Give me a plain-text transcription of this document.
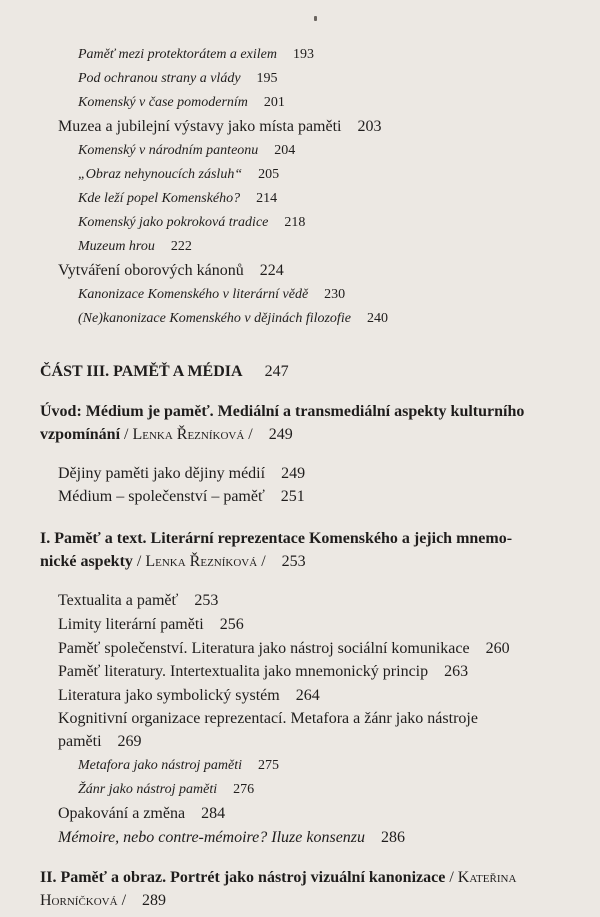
Paměť mezi protektorátem a exilem 193
Pod ochranou strany a vlády 195
Komenský v čase pomoderním 201
Muzea a jubilejní výstavy jako místa paměti 203
Komenský v národním panteonu 204
„Obraz nehynoucích zásluh“ 205
Kde leží popel Komenského? 214
Komenský jako pokroková tradice 218
Muzeum hrou 222
Vytváření oborových kánonů 224
Kanonizace Komenského v literární vědě 230
(Ne)kanonizace Komenského v dějinách filozofie 240
ČÁST III. PAMĚŤ A MÉDIA 247
Úvod: Médium je paměť. Mediální a transmediální aspekty kulturního
vzpomínání / Lenka Řezníková / 249
Dějiny paměti jako dějiny médií 249
Médium – společenství – paměť 251
I. Paměť a text. Literární reprezentace Komenského a jejich mnemo-
nické aspekty / Lenka Řezníková / 253
Textualita a paměť 253
Limity literární paměti 256
Paměť společenství. Literatura jako nástroj sociální komunikace 260
Paměť literatury. Intertextualita jako mnemonický princip 263
Literatura jako symbolický systém 264
Kognitivní organizace reprezentací. Metafora a žánr jako nástroje
paměti 269
Metafora jako nástroj paměti 275
Žánr jako nástroj paměti 276
Opakování a změna 284
Mémoire, nebo contre-mémoire? Iluze konsenzu 286
II. Paměť a obraz. Portrét jako nástroj vizuální kanonizace / Kateřina
Horníčková / 289
